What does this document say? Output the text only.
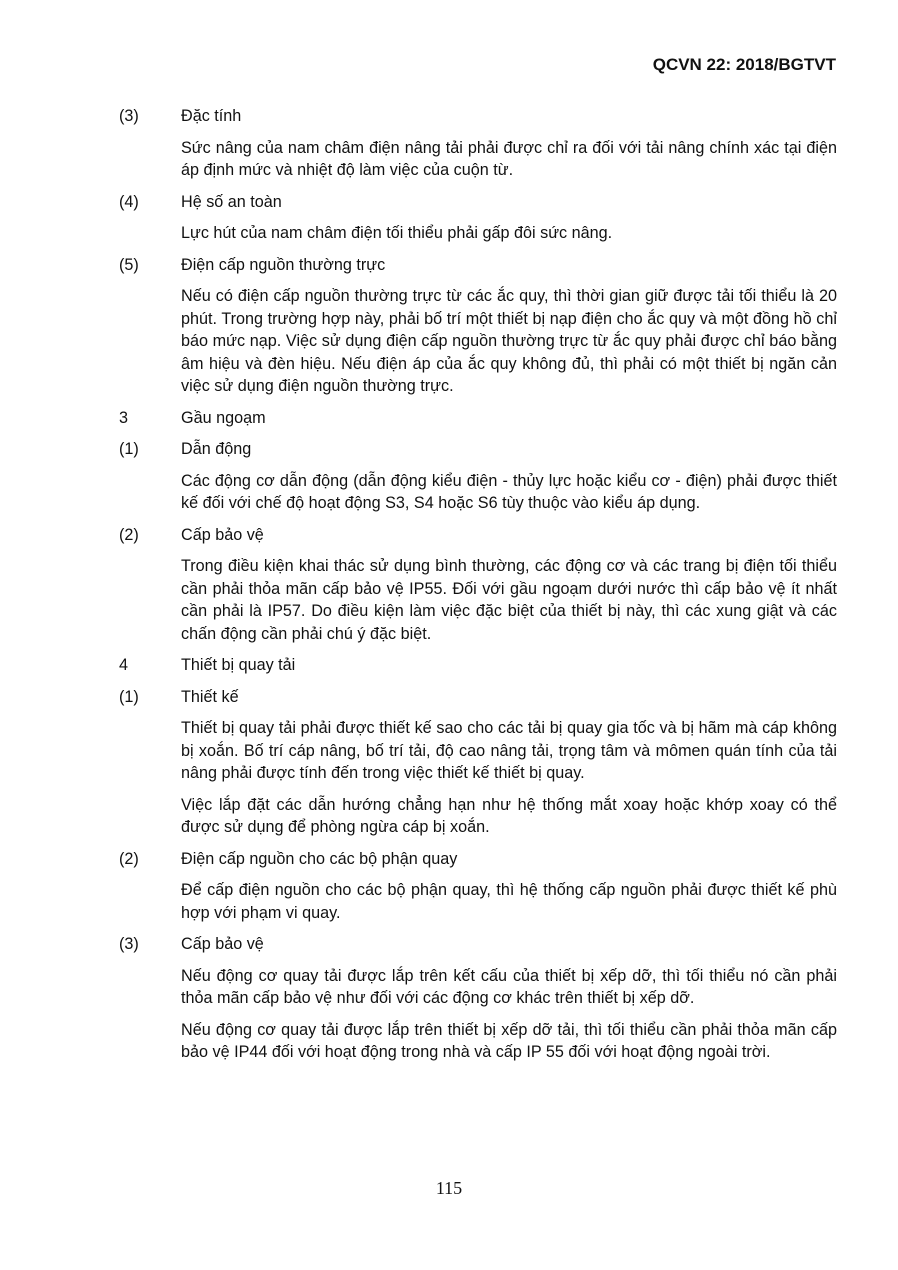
QCVN 22: 2018/BGTVT
(3)	Đặc tính
Sức nâng của nam châm điện nâng tải phải được chỉ ra đối với tải nâng chính xác tại điện áp định mức và nhiệt độ làm việc của cuộn từ.
(4)	Hệ số an toàn
Lực hút của nam châm điện tối thiểu phải gấp đôi sức nâng.
(5)	Điện cấp nguồn thường trực
Nếu có điện cấp nguồn thường trực từ các ắc quy, thì thời gian giữ được tải tối thiểu là 20 phút. Trong trường hợp này, phải bố trí một thiết bị nạp điện cho ắc quy và một đồng hồ chỉ báo mức nạp. Việc sử dụng điện cấp nguồn thường trực từ ắc quy phải được chỉ báo bằng âm hiệu và đèn hiệu. Nếu điện áp của ắc quy không đủ, thì phải có một thiết bị ngăn cản việc sử dụng điện nguồn thường trực.
3	Gầu ngoạm
(1)	Dẫn động
Các động cơ dẫn động (dẫn động kiểu điện - thủy lực hoặc kiểu cơ - điện) phải được thiết kế đối với chế độ hoạt động S3, S4 hoặc S6 tùy thuộc vào kiểu áp dụng.
(2)	Cấp bảo vệ
Trong điều kiện khai thác sử dụng bình thường, các động cơ và các trang bị điện tối thiểu cần phải thỏa mãn cấp bảo vệ IP55. Đối với gầu ngoạm dưới nước thì cấp bảo vệ ít nhất cần phải là IP57. Do điều kiện làm việc đặc biệt của thiết bị này, thì các xung giật và các chấn động cần phải chú ý đặc biệt.
4	Thiết bị quay tải
(1)	Thiết kế
Thiết bị quay tải phải được thiết kế sao cho các tải bị quay gia tốc và bị hãm mà cáp không bị xoắn. Bố trí cáp nâng, bố trí tải, độ cao nâng tải, trọng tâm và mômen quán tính của tải nâng phải được tính đến trong việc thiết kế thiết bị quay.
Việc lắp đặt các dẫn hướng chẳng hạn như hệ thống mắt xoay hoặc khớp xoay có thể được sử dụng để phòng ngừa cáp bị xoắn.
(2)	Điện cấp nguồn cho các bộ phận quay
Để cấp điện nguồn cho các bộ phận quay, thì hệ thống cấp nguồn phải được thiết kế phù hợp với phạm vi quay.
(3)	Cấp bảo vệ
Nếu động cơ quay tải được lắp trên kết cấu của thiết bị xếp dỡ, thì tối thiểu nó cần phải thỏa mãn cấp bảo vệ như đối với các động cơ khác trên thiết bị xếp dỡ.
Nếu động cơ quay tải được lắp trên thiết bị xếp dỡ tải, thì tối thiểu cần phải thỏa mãn cấp bảo vệ IP44 đối với hoạt động trong nhà và cấp IP 55 đối với hoạt động ngoài trời.
115
